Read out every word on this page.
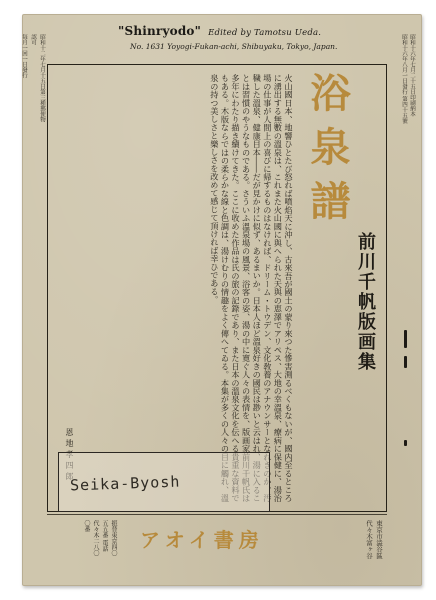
"Shinryodo" Edited by Tamotsu Ueda.
No. 1631 Yoyogi-Fukan-achi, Shibuyaku, Tokyo, Japan.
昭和十二年七月十五日第三種郵便物認可
毎月一回一日發行	昭和十六年七月二十五日印刷納本
昭和十六年八月一日發行 第四十五號
火山國日本、地響ひとたび怒れば噴焰天に沖し、古來吾が國土の蒙り來つた慘害測るべくもないが、國内至るところに湧出する無數の溫泉は、これまた火山國に與へられた天與の恵澤でアリペス、大地の幸溫泉、療病に保健に、湯治場の仕事が人間上の喜びに帰するものはなければ、ドリーム・トウデン、文化敎養のアナウンサーとなれきのか、汚穢した溫泉、健康目本――だが見かけに似ず、あるまいか。日本人ほど溫泉好きの國民は尠いと云はれ、湯に入ることは習慣のやうなものである。さういふ溫泉場の風景、浴客の姿、湯の中に寛ぐ人々の表情を、版画家前川千帆氏は多年にわたり描き續けてきた。ここに收めた作品は氏の旅の記錄であり、また日本の溫泉文化を伝へる貴重な資料でもある。木版ならではの柔らかな線と色調は、湯けむりの情趣をよく傳へてゐる。本集が多くの人々の目に觸れ、溫泉の持つ美しさと樂しさを改めて感じて頂ければ幸ひである。
恩地孝四郎
浴泉譜
前川千帆版画集
Seika-Byosh
振替東京四〇五五番 電話代々木二八〇〇番
アオイ書房	東京市澁谷區代々木富ヶ谷
